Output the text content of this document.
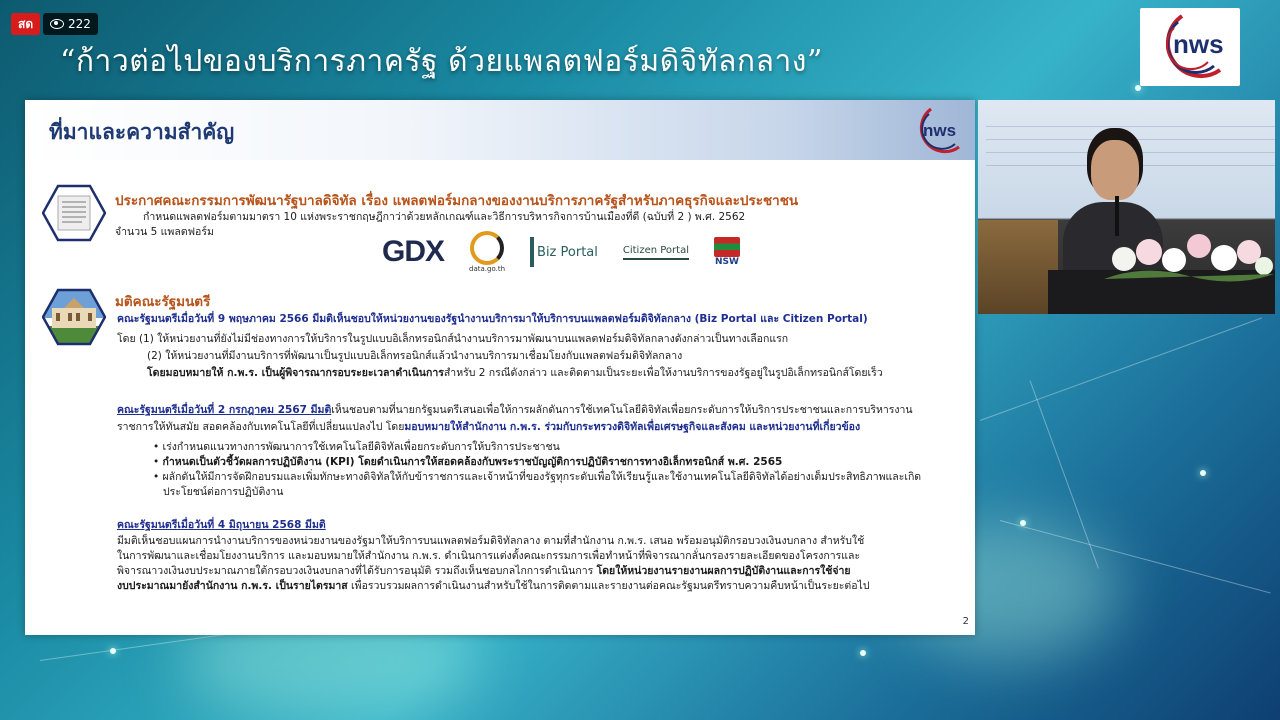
สด	222
“ก้าวต่อไปของบริการภาครัฐ ด้วยแพลตฟอร์มดิจิทัลกลาง”	nws
ที่มาและความสำคัญ	nws
ประกาศคณะกรรมการพัฒนารัฐบาลดิจิทัล เรื่อง แพลตฟอร์มกลางของงานบริการภาครัฐสำหรับภาคธุรกิจและประชาชน
กำหนดแพลตฟอร์มตามมาตรา 10 แห่งพระราชกฤษฎีกาว่าด้วยหลักเกณฑ์และวิธีการบริหารกิจการบ้านเมืองที่ดี (ฉบับที่ 2 ) พ.ศ. 2562
จำนวน 5 แพลตฟอร์ม
GDX
data.go.th
Biz Portal	Citizen Portal
NSW
มติคณะรัฐมนตรี
คณะรัฐมนตรีเมื่อวันที่ 9 พฤษภาคม 2566 มีมติเห็นชอบให้หน่วยงานของรัฐนำงานบริการมาให้บริการบนแพลตฟอร์มดิจิทัลกลาง (Biz Portal และ Citizen Portal)
โดย (1) ให้หน่วยงานที่ยังไม่มีช่องทางการให้บริการในรูปแบบอิเล็กทรอนิกส์นำงานบริการมาพัฒนาบนแพลตฟอร์มดิจิทัลกลางดังกล่าวเป็นทางเลือกแรก
(2) ให้หน่วยงานที่มีงานบริการที่พัฒนาเป็นรูปแบบอิเล็กทรอนิกส์แล้วนำงานบริการมาเชื่อมโยงกับแพลตฟอร์มดิจิทัลกลาง
โดยมอบหมายให้ ก.พ.ร. เป็นผู้พิจารณากรอบระยะเวลาดำเนินการสำหรับ 2 กรณีดังกล่าว และติดตามเป็นระยะเพื่อให้งานบริการของรัฐอยู่ในรูปอิเล็กทรอนิกส์โดยเร็ว
คณะรัฐมนตรีเมื่อวันที่ 2 กรกฎาคม 2567 มีมติเห็นชอบตามที่นายกรัฐมนตรีเสนอเพื่อให้การผลักดันการใช้เทคโนโลยีดิจิทัลเพื่อยกระดับการให้บริการประชาชนและการบริหารงาน
ราชการให้ทันสมัย สอดคล้องกับเทคโนโลยีที่เปลี่ยนแปลงไป โดยมอบหมายให้สำนักงาน ก.พ.ร. ร่วมกับกระทรวงดิจิทัลเพื่อเศรษฐกิจและสังคม และหน่วยงานที่เกี่ยวข้อง
• เร่งกำหนดแนวทางการพัฒนาการใช้เทคโนโลยีดิจิทัลเพื่อยกระดับการให้บริการประชาชน
• กำหนดเป็นตัวชี้วัดผลการปฏิบัติงาน (KPI) โดยดำเนินการให้สอดคล้องกับพระราชบัญญัติการปฏิบัติราชการทางอิเล็กทรอนิกส์ พ.ศ. 2565
• ผลักดันให้มีการจัดฝึกอบรมและเพิ่มทักษะทางดิจิทัลให้กับข้าราชการและเจ้าหน้าที่ของรัฐทุกระดับเพื่อให้เรียนรู้และใช้งานเทคโนโลยีดิจิทัลได้อย่างเต็มประสิทธิภาพและเกิด
ประโยชน์ต่อการปฏิบัติงาน
คณะรัฐมนตรีเมื่อวันที่ 4 มิถุนายน 2568 มีมติ
มีมติเห็นชอบแผนการนำงานบริการของหน่วยงานของรัฐมาให้บริการบนแพลตฟอร์มดิจิทัลกลาง ตามที่สำนักงาน ก.พ.ร. เสนอ พร้อมอนุมัติกรอบวงเงินงบกลาง สำหรับใช้
ในการพัฒนาและเชื่อมโยงงานบริการ และมอบหมายให้สำนักงาน ก.พ.ร. ดำเนินการแต่งตั้งคณะกรรมการเพื่อทำหน้าที่พิจารณากลั่นกรองรายละเอียดของโครงการและ
พิจารณาวงเงินงบประมาณภายใต้กรอบวงเงินงบกลางที่ได้รับการอนุมัติ รวมถึงเห็นชอบกลไกการดำเนินการ โดยให้หน่วยงานรายงานผลการปฏิบัติงานและการใช้จ่าย
งบประมาณมายังสำนักงาน ก.พ.ร. เป็นรายไตรมาส เพื่อรวบรวมผลการดำเนินงานสำหรับใช้ในการติดตามและรายงานต่อคณะรัฐมนตรีทราบความคืบหน้าเป็นระยะต่อไป
2
